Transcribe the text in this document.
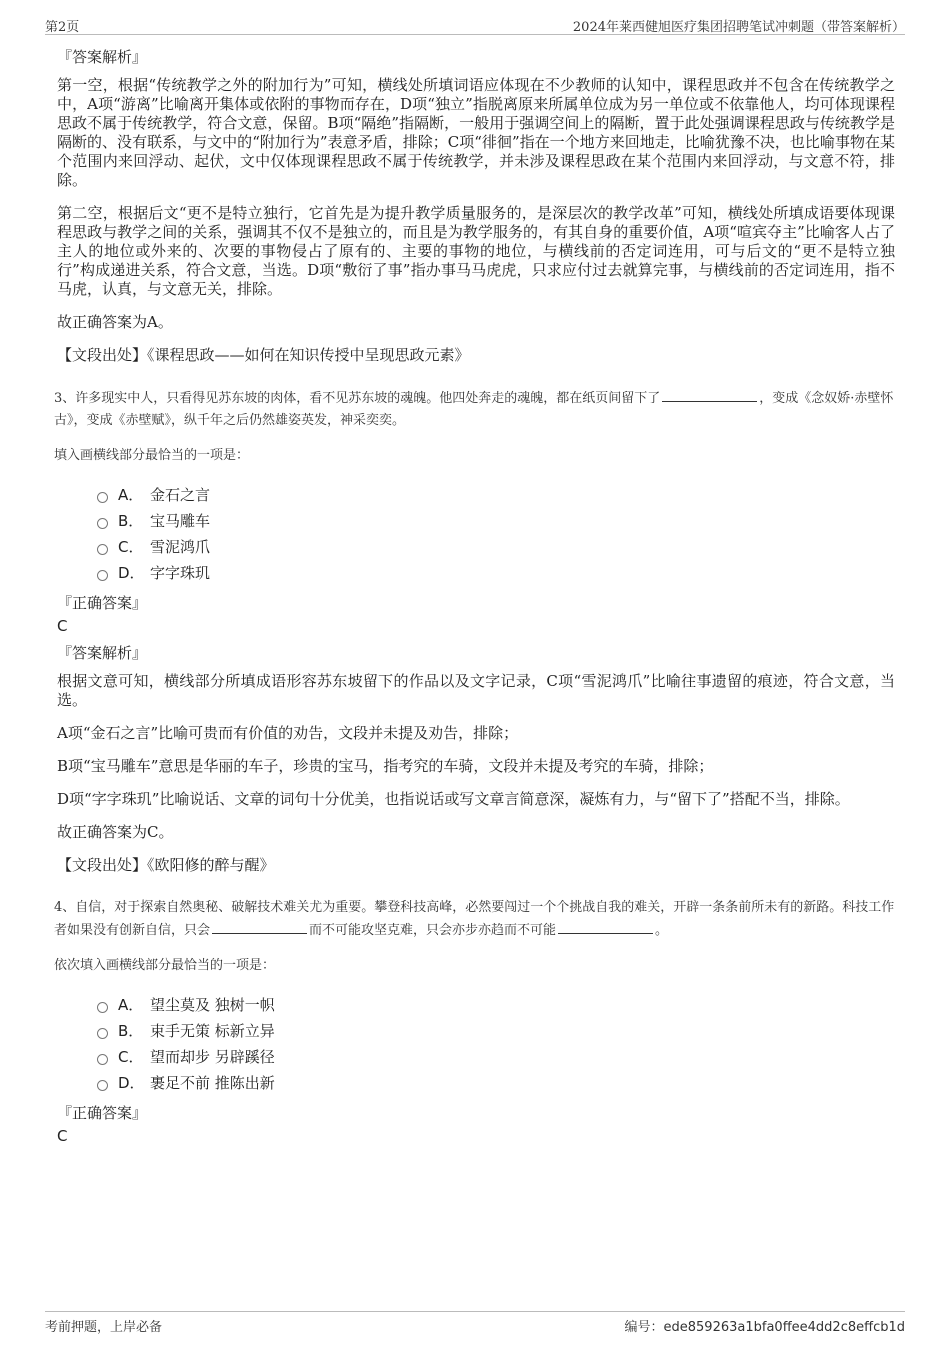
第2页	2024年莱西健旭医疗集团招聘笔试冲刺题（带答案解析）
『答案解析』

第一空，根据“传统教学之外的附加行为”可知，横线处所填词语应体现在不少教师的认知中，课程思政并不包含在传统教学之中，A项“游离”比喻离开集体或依附的事物而存在，D项“独立”指脱离原来所属单位成为另一单位或不依靠他人，均可体现课程思政不属于传统教学，符合文意，保留。B项“隔绝”指隔断，一般用于强调空间上的隔断，置于此处强调课程思政与传统教学是隔断的、没有联系，与文中的“附加行为”表意矛盾，排除；C项“徘徊”指在一个地方来回地走，比喻犹豫不决，也比喻事物在某个范围内来回浮动、起伏，文中仅体现课程思政不属于传统教学，并未涉及课程思政在某个范围内来回浮动，与文意不符，排除。

第二空，根据后文“更不是特立独行，它首先是为提升教学质量服务的，是深层次的教学改革”可知，横线处所填成语要体现课程思政与教学之间的关系，强调其不仅不是独立的，而且是为教学服务的，有其自身的重要价值，A项“喧宾夺主”比喻客人占了主人的地位或外来的、次要的事物侵占了原有的、主要的事物的地位，与横线前的否定词连用，可与后文的“更不是特立独行”构成递进关系，符合文意，当选。D项“敷衍了事”指办事马马虎虎，只求应付过去就算完事，与横线前的否定词连用，指不马虎，认真，与文意无关，排除。

故正确答案为A。

【文段出处】《课程思政——如何在知识传授中呈现思政元素》
3、许多现实中人，只看得见苏东坡的肉体，看不见苏东坡的魂魄。他四处奔走的魂魄，都在纸页间留下了	，变成《念奴娇·赤壁怀古》，变成《赤壁赋》，纵千年之后仍然雄姿英发，神采奕奕。
填入画横线部分最恰当的一项是：
A． 金石之言
B． 宝马雕车
C． 雪泥鸿爪
D． 字字珠玑
『正确答案』
C
『答案解析』

根据文意可知，横线部分所填成语形容苏东坡留下的作品以及文字记录，C项“雪泥鸿爪”比喻往事遗留的痕迹，符合文意，当选。

A项“金石之言”比喻可贵而有价值的劝告，文段并未提及劝告，排除；

B项“宝马雕车”意思是华丽的车子，珍贵的宝马，指考究的车骑，文段并未提及考究的车骑，排除；

D项“字字珠玑”比喻说话、文章的词句十分优美，也指说话或写文章言简意深，凝炼有力，与“留下了”搭配不当，排除。

故正确答案为C。

【文段出处】《欧阳修的醉与醒》
4、自信，对于探索自然奥秘、破解技术难关尤为重要。攀登科技高峰，必然要闯过一个个挑战自我的难关，开辟一条条前所未有的新路。科技工作者如果没有创新自信，只会	而不可能攻坚克难，只会亦步亦趋而不可能	。
依次填入画横线部分最恰当的一项是：
A． 望尘莫及 独树一帜
B． 束手无策 标新立异
C． 望而却步 另辟蹊径
D． 裹足不前 推陈出新
『正确答案』
C
考前押题，上岸必备	编号：ede859263a1bfa0ffee4dd2c8effcb1d
